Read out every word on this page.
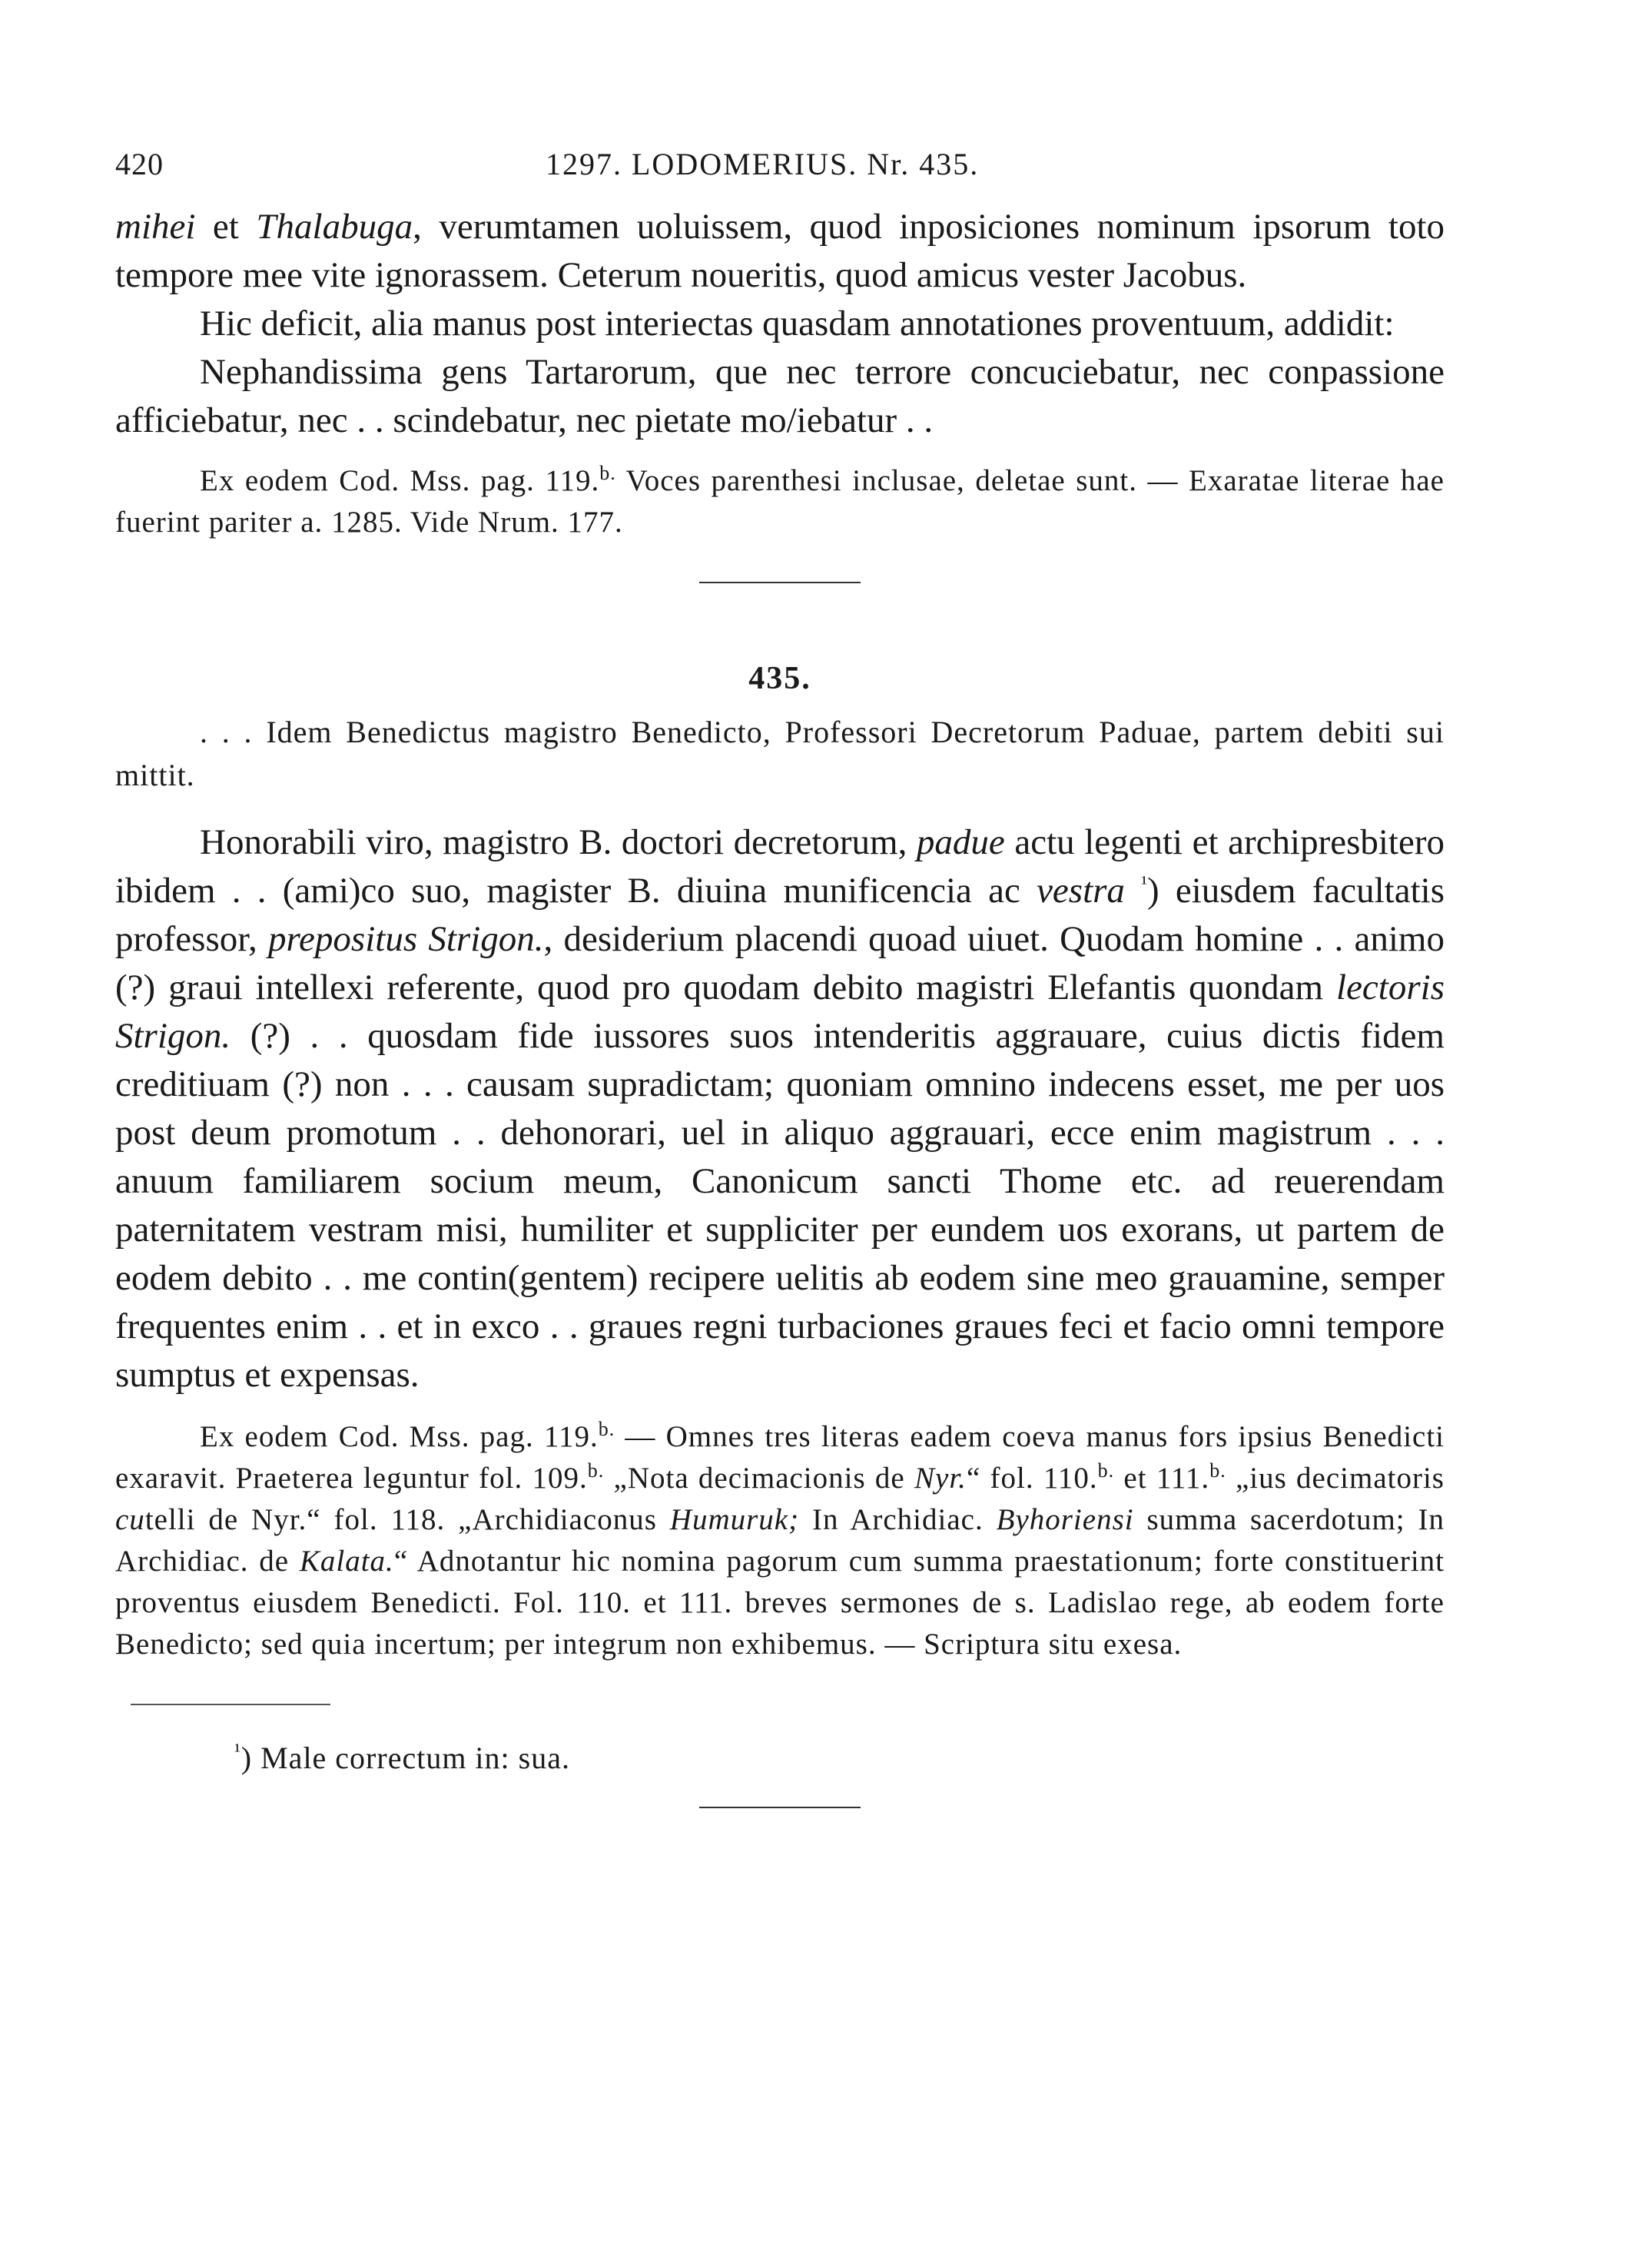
420	1297. LODOMERIUS. Nr. 435.

mihei et Thalabuga, verumtamen uoluissem, quod inposiciones nominum ipsorum toto tempore mee vite ignorassem. Ceterum noueritis, quod amicus vester Jacobus.

Hic deficit, alia manus post interiectas quasdam annotationes proventuum, addidit:

Nephandissima gens Tartarorum, que nec terrore concuciebatur, nec conpassione afficiebatur, nec . . scindebatur, nec pietate mo/iebatur . .

Ex eodem Cod. Mss. pag. 119.$^{b.}$ Voces parenthesi inclusae, deletae sunt. — Exaratae literae hae fuerint pariter a. 1285. Vide Nrum. 177.

435.

. . . Idem Benedictus magistro Benedicto, Professori Decretorum Paduae, partem debiti sui mittit.

Honorabili viro, magistro B. doctori decretorum, padue actu legenti et archipresbitero ibidem . . (ami)co suo, magister B. diuina munificencia ac vestra $^{^1}$) eiusdem facultatis professor, prepositus Strigon., desiderium placendi quoad uiuet. Quodam homine . . animo (?) graui intellexi referente, quod pro quodam debito magistri Elefantis quondam lectoris Strigon. (?) . . quosdam fide iussores suos intenderitis aggrauare, cuius dictis fidem creditiuam (?) non . . . causam supradictam; quoniam omnino indecens esset, me per uos post deum promotum . . dehonorari, uel in aliquo aggrauari, ecce enim magistrum . . . anuum familiarem socium meum, Canonicum sancti Thome etc. ad reuerendam paternitatem vestram misi, humiliter et suppliciter per eundem uos exorans, ut partem de eodem debito . . me contin(gentem) recipere uelitis ab eodem sine meo grauamine, semper frequentes enim . . et in exco . . graues regni turbaciones graues feci et facio omni tempore sumptus et expensas.

Ex eodem Cod. Mss. pag. 119.$^{b.}$ — Omnes tres literas eadem coeva manus fors ipsius Benedicti exaravit. Praeterea leguntur fol. 109.$^{b.}$ „Nota decimacionis de Nyr.“ fol. 110.$^{b.}$ et 111.$^{b.}$ „ius decimatoris cutelli de Nyr.“ fol. 118. „Archidiaconus Humuruk; In Archidiac. Byhoriensi summa sacerdotum; In Archidiac. de Kalata.“ Adnotantur hic nomina pagorum cum summa praestationum; forte constituerint proventus eiusdem Benedicti. Fol. 110. et 111. breves sermones de s. Ladislao rege, ab eodem forte Benedicto; sed quia incertum; per integrum non exhibemus. — Scriptura situ exesa.

$^{^1}$) Male correctum in: sua.
